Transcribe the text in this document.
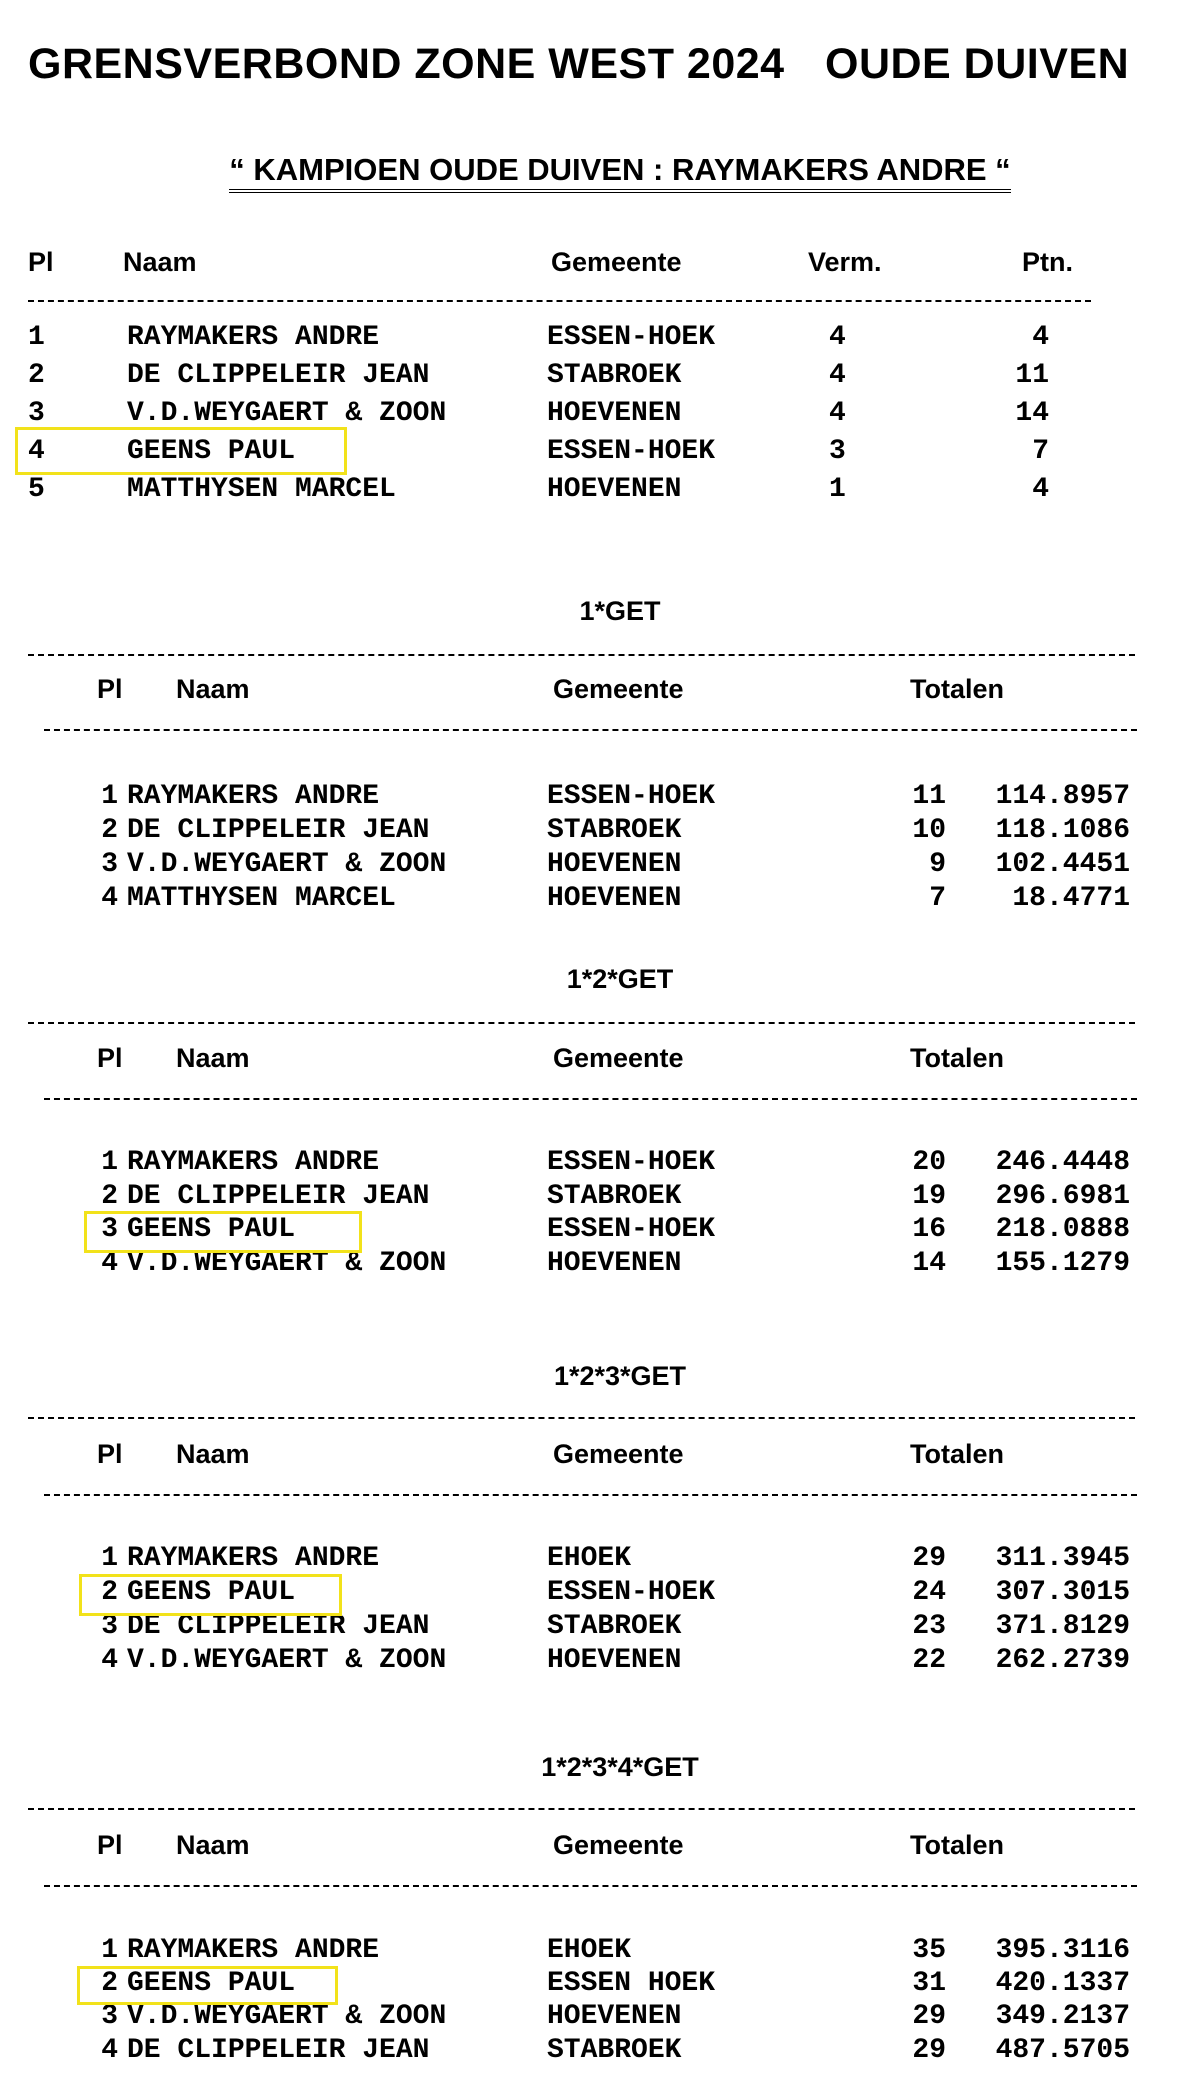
GRENSVERBOND ZONE WEST 2024 OUDE DUIVEN
“ KAMPIOEN OUDE DUIVEN : RAYMAKERS ANDRE “
Pl	Naam	Gemeente	Verm.	Ptn.
1	RAYMAKERS ANDRE	ESSEN-HOEK	4	4
2	DE CLIPPELEIR JEAN	STABROEK	4	11
3	V.D.WEYGAERT & ZOON	HOEVENEN	4	14
4	GEENS PAUL	ESSEN-HOEK	3	7
5	MATTHYSEN MARCEL	HOEVENEN	1	4
1*GET
Pl Naam	Gemeente	Totalen
1 RAYMAKERS ANDRE	ESSEN-HOEK	11	114.8957
2 DE CLIPPELEIR JEAN	STABROEK	10	118.1086
3 V.D.WEYGAERT & ZOON	HOEVENEN	9	102.4451
4 MATTHYSEN MARCEL	HOEVENEN	7	18.4771
1*2*GET
Pl Naam	Gemeente	Totalen
1 RAYMAKERS ANDRE	ESSEN-HOEK	20	246.4448
2 DE CLIPPELEIR JEAN	STABROEK	19	296.6981
3 GEENS PAUL	ESSEN-HOEK	16	218.0888
4 V.D.WEYGAERT & ZOON	HOEVENEN	14	155.1279
1*2*3*GET
Pl Naam	Gemeente	Totalen
1 RAYMAKERS ANDRE	EHOEK	29	311.3945
2 GEENS PAUL	ESSEN-HOEK	24	307.3015
3 DE CLIPPELEIR JEAN	STABROEK	23	371.8129
4 V.D.WEYGAERT & ZOON	HOEVENEN	22	262.2739
1*2*3*4*GET
Pl Naam	Gemeente	Totalen
1 RAYMAKERS ANDRE	EHOEK	35	395.3116
2 GEENS PAUL	ESSEN HOEK	31	420.1337
3 V.D.WEYGAERT & ZOON	HOEVENEN	29	349.2137
4 DE CLIPPELEIR JEAN	STABROEK	29	487.5705
